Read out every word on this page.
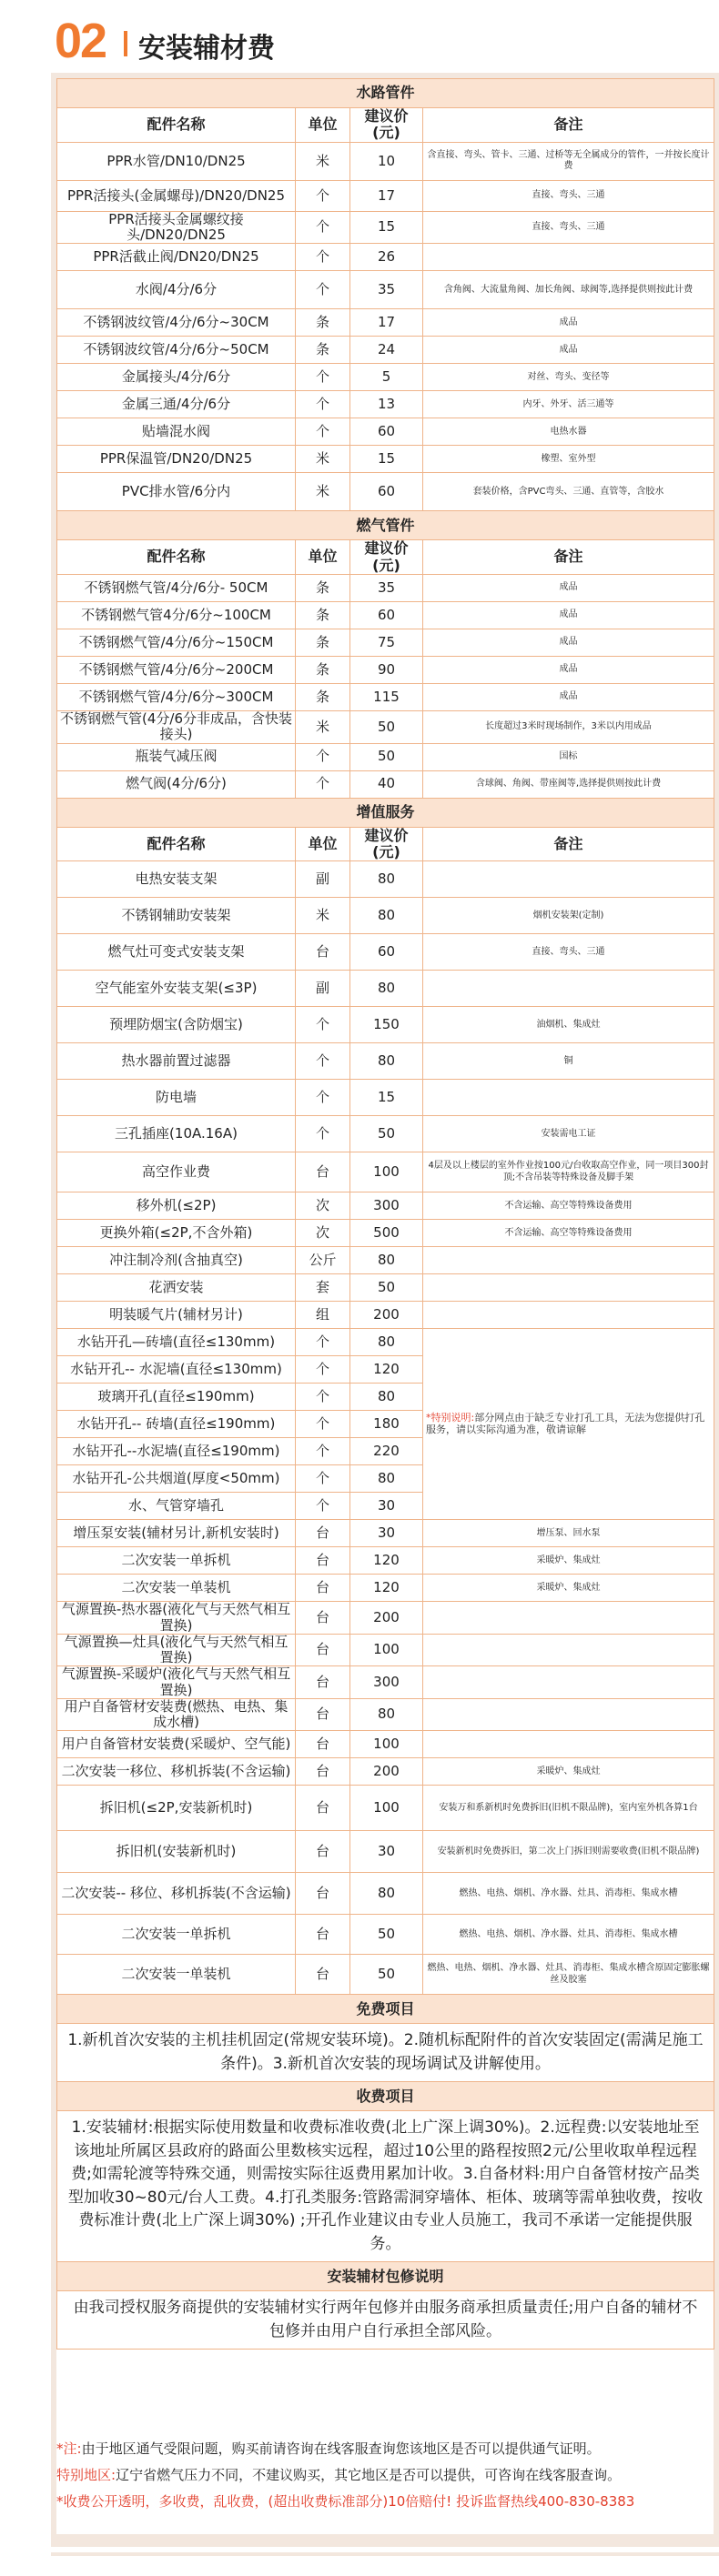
02 安装辅材费
水路管件			
配件名称	单位	建议价(元)	备注
PPR水管/DN10/DN25	米	10	含直接、弯头、管卡、三通、过桥等无全属成分的管件，一并按长度计费
PPR活接头(金属螺母)/DN20/DN25	个	17	直接、弯头、三通
PPR活接头金属螺纹接头/DN20/DN25	个	15	直接、弯头、三通
PPR活截止阀/DN20/DN25	个	26	
水阀/4分/6分	个	35	含角阀、大流量角阀、加长角阀、球阀等,选择提供则按此计费
不锈钢波纹管/4分/6分~30CM	条	17	成品
不锈钢波纹管/4分/6分~50CM	条	24	成品
金属接头/4分/6分	个	5	对丝、弯头、变径等
金属三通/4分/6分	个	13	内牙、外牙、活三通等
贴墙混水阀	个	60	电热水器
PPR保温管/DN20/DN25	米	15	橡塑、室外型
PVC排水管/6分内	米	60	套装价格，含PVC弯头、三通、直管等，含胶水
燃气管件			
配件名称	单位	建议价(元)	备注
不锈钢燃气管/4分/6分- 50CM	条	35	成品
不锈钢燃气管4分/6分~100CM	条	60	成品
不锈钢燃气管/4分/6分~150CM	条	75	成品
不锈钢燃气管/4分/6分~200CM	条	90	成品
不锈钢燃气管/4分/6分~300CM	条	115	成品
不锈钢燃气管(4分/6分非成品，含快装接头)	米	50	长度超过3米时现场制作，3米以内用成品
瓶装气减压阀	个	50	国标
燃气阀(4分/6分)	个	40	含球阀、角阀、带座阀等,选择提供则按此计费
增值服务			
配件名称	单位	建议价(元)	备注
电热安装支架	副	80	
不锈钢辅助安装架	米	80	烟机安装架(定制)
燃气灶可变式安装支架	台	60	直接、弯头、三通
空气能室外安装支架(≤3P)	副	80	
预埋防烟宝(含防烟宝)	个	150	油烟机、集成灶
热水器前置过滤器	个	80	铜
防电墙	个	15	
三孔插座(10A.16A)	个	50	安装需电工证
高空作业费	台	100	4层及以上楼层的室外作业按100元/台收取高空作业，同一项目300封顶;不含吊装等特殊设备及脚手架
移外机(≤2P)	次	300	不含运输、高空等特殊设备费用
更换外箱(≤2P,不含外箱)	次	500	不含运输、高空等特殊设备费用
冲注制冷剂(含抽真空)	公斤	80	
花洒安装	套	50	
明装暖气片(辅材另计)	组	200	
水钻开孔—砖墙(直径≤130mm)	个	80	*特别说明:部分网点由于缺乏专业打孔工具，无法为您提供打孔服务，请以实际沟通为准，敬请谅解
水钻开孔-- 水泥墙(直径≤130mm)	个	120	
玻璃开孔(直径≤190mm)	个	80	
水钻开孔-- 砖墙(直径≤190mm)	个	180	
水钻开孔--水泥墙(直径≤190mm)	个	220	
水钻开孔-公共烟道(厚度<50mm)	个	80	
水、气管穿墙孔	个	30	
增压泵安装(辅材另计,新机安装时)	台	30	增压泵、回水泵
二次安装一单拆机	台	120	采暖炉、集成灶
二次安装一单装机	台	120	采暖炉、集成灶
气源置换-热水器(液化气与天然气相互置换)	台	200	
气源置换—灶具(液化气与天然气相互置换)	台	100	
气源置换-采暖炉(液化气与天然气相互置换)	台	300	
用户自备管材安装费(燃热、电热、集成水槽)	台	80	
用户自备管材安装费(采暖炉、空气能)	台	100	
二次安装一移位、移机拆装(不含运输)	台	200	采暖炉、集成灶
拆旧机(≤2P,安装新机时)	台	100	安装万和系新机时免费拆旧(旧机不限品牌)，室内室外机各算1台
拆旧机(安装新机时)	台	30	安装新机时免费拆旧，第二次上门拆旧则需要收费(旧机不限品牌)
二次安装-- 移位、移机拆装(不含运输)	台	80	燃热、电热、烟机、净水器、灶具、消毒柜、集成水槽
二次安装一单拆机	台	50	燃热、电热、烟机、净水器、灶具、消毒柜、集成水槽
二次安装一单装机	台	50	燃热、电热、烟机、净水器、灶具、消毒柜、集成水槽含原固定膨胀螺丝及胶塞
免费项目			
1.新机首次安装的主机挂机固定(常规安装环境)。2.随机标配附件的首次安装固定(需满足施工条件)。3.新机首次安装的现场调试及讲解使用。			
收费项目			
1.安装辅材:根据实际使用数量和收费标准收费(北上广深上调30%)。2.远程费:以安装地址至该地址所属区县政府的路面公里数核实远程，超过10公里的路程按照2元/公里收取单程远程费;如需轮渡等特殊交通，则需按实际往返费用累加计收。3.自备材料:用户自备管材按产品类型加收30~80元/台人工费。4.打孔类服务:管路需洞穿墙体、柜体、玻璃等需单独收费，按收费标准计费(北上广深上调30%) ;开孔作业建议由专业人员施工，我司不承诺一定能提供服务。			
安装辅材包修说明			
由我司授权服务商提供的安装辅材实行两年包修并由服务商承担质量责任;用户自备的辅材不包修并由用户自行承担全部风险。			
*注:由于地区通气受限问题，购买前请咨询在线客服查询您该地区是否可以提供通气证明。
特别地区:辽宁省燃气压力不同，不建议购买，其它地区是否可以提供，可咨询在线客服查询。
*收费公开透明，多收费，乱收费，(超出收费标准部分)10倍赔付! 投诉监督热线400-830-8383
